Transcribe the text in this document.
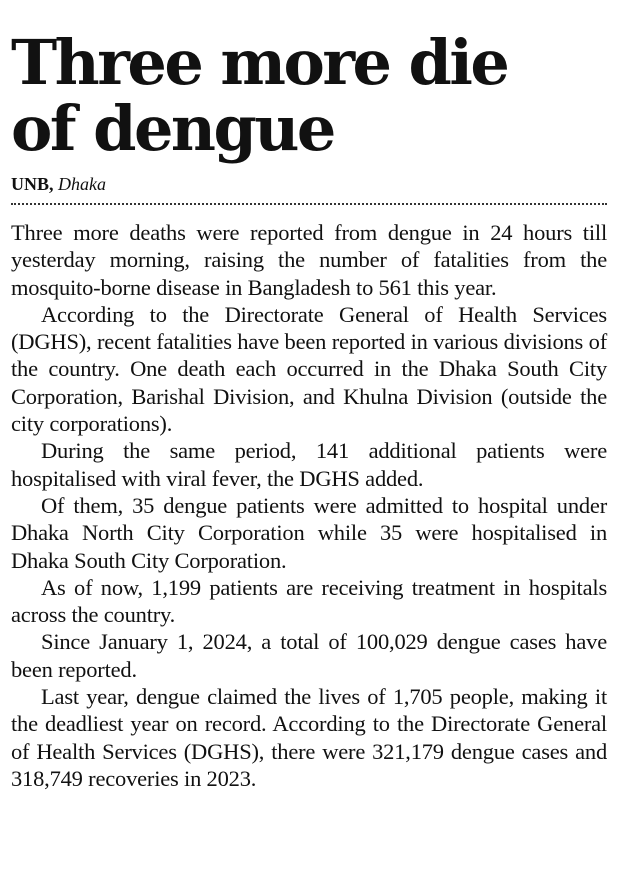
Three more die
of dengue
UNB, Dhaka

Three more deaths were reported from dengue in 24 hours till yesterday morning, raising the number of fatalities from the mosquito-borne disease in Bangladesh to 561 this year.

According to the Directorate General of Health Services (DGHS), recent fatalities have been reported in various divisions of the country. One death each occurred in the Dhaka South City Corporation, Barishal Division, and Khulna Division (outside the city corporations).

During the same period, 141 additional patients were hospitalised with viral fever, the DGHS added.

Of them, 35 dengue patients were admitted to hospital under Dhaka North City Corporation while 35 were hospitalised in Dhaka South City Corporation.

As of now, 1,199 patients are receiving treatment in hospitals across the country.

Since January 1, 2024, a total of 100,029 dengue cases have been reported.

Last year, dengue claimed the lives of 1,705 people, making it the deadliest year on record. According to the Directorate General of Health Services (DGHS), there were 321,179 dengue cases and 318,749 recoveries in 2023.
